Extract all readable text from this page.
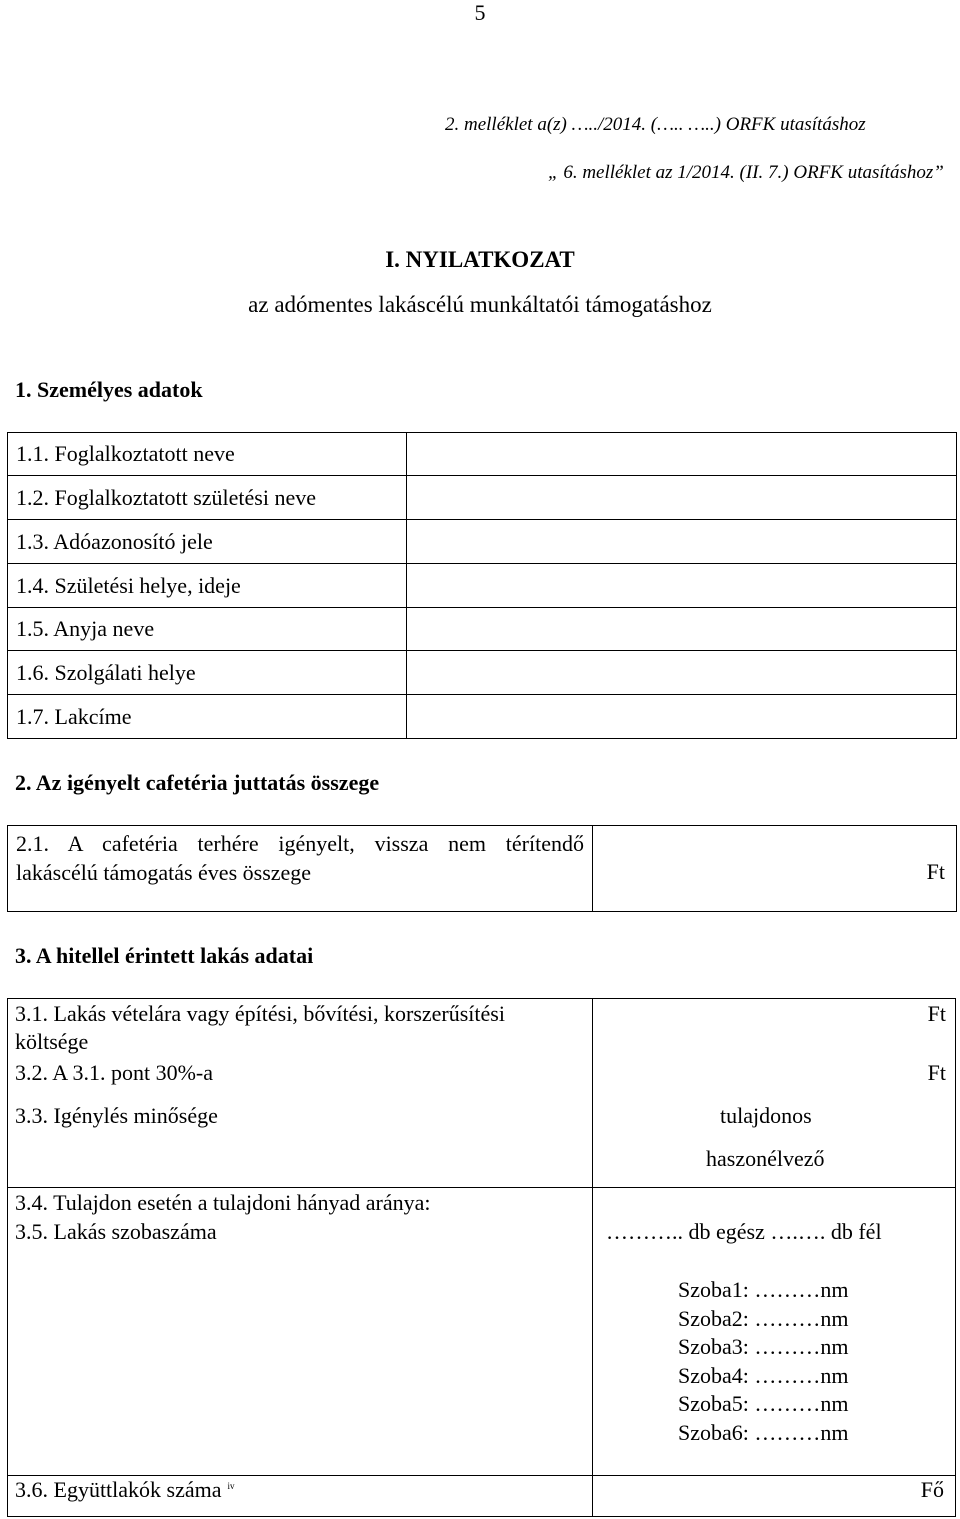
5
2. melléklet a(z) …../2014. (….. …..) ORFK utasításhoz
„ 6. melléklet az 1/2014. (II. 7.) ORFK utasításhoz”
I. NYILATKOZAT
az adómentes lakáscélú munkáltatói támogatáshoz
1. Személyes adatok
1.1. Foglalkoztatott neve	
1.2. Foglalkoztatott születési neve	
1.3. Adóazonosító jele	
1.4. Születési helye, ideje	
1.5. Anyja neve	
1.6. Szolgálati helye	
1.7. Lakcíme	
2. Az igényelt cafetéria juttatás összege
2.1. A cafetéria terhére igényelt, vissza nem térítendő
lakáscélú támogatás éves összege	Ft
3. A hitellel érintett lakás adatai
3.1. Lakás vételára vagy építési, bővítési, korszerűsítési
költsége
Ft
3.2. A 3.1. pont 30%-a	Ft
3.3. Igénylés minősége	tulajdonos
haszonélvező
3.4. Tulajdon esetén a tulajdoni hányad aránya:
3.5. Lakás szobaszáma	……….. db egész ….…. db fél
Szoba1: ………nm
Szoba2: ………nm
Szoba3: ………nm
Szoba4: ………nm
Szoba5: ………nm
Szoba6: ………nm
3.6. Együttlakók száma $^{iv}$	Fő
